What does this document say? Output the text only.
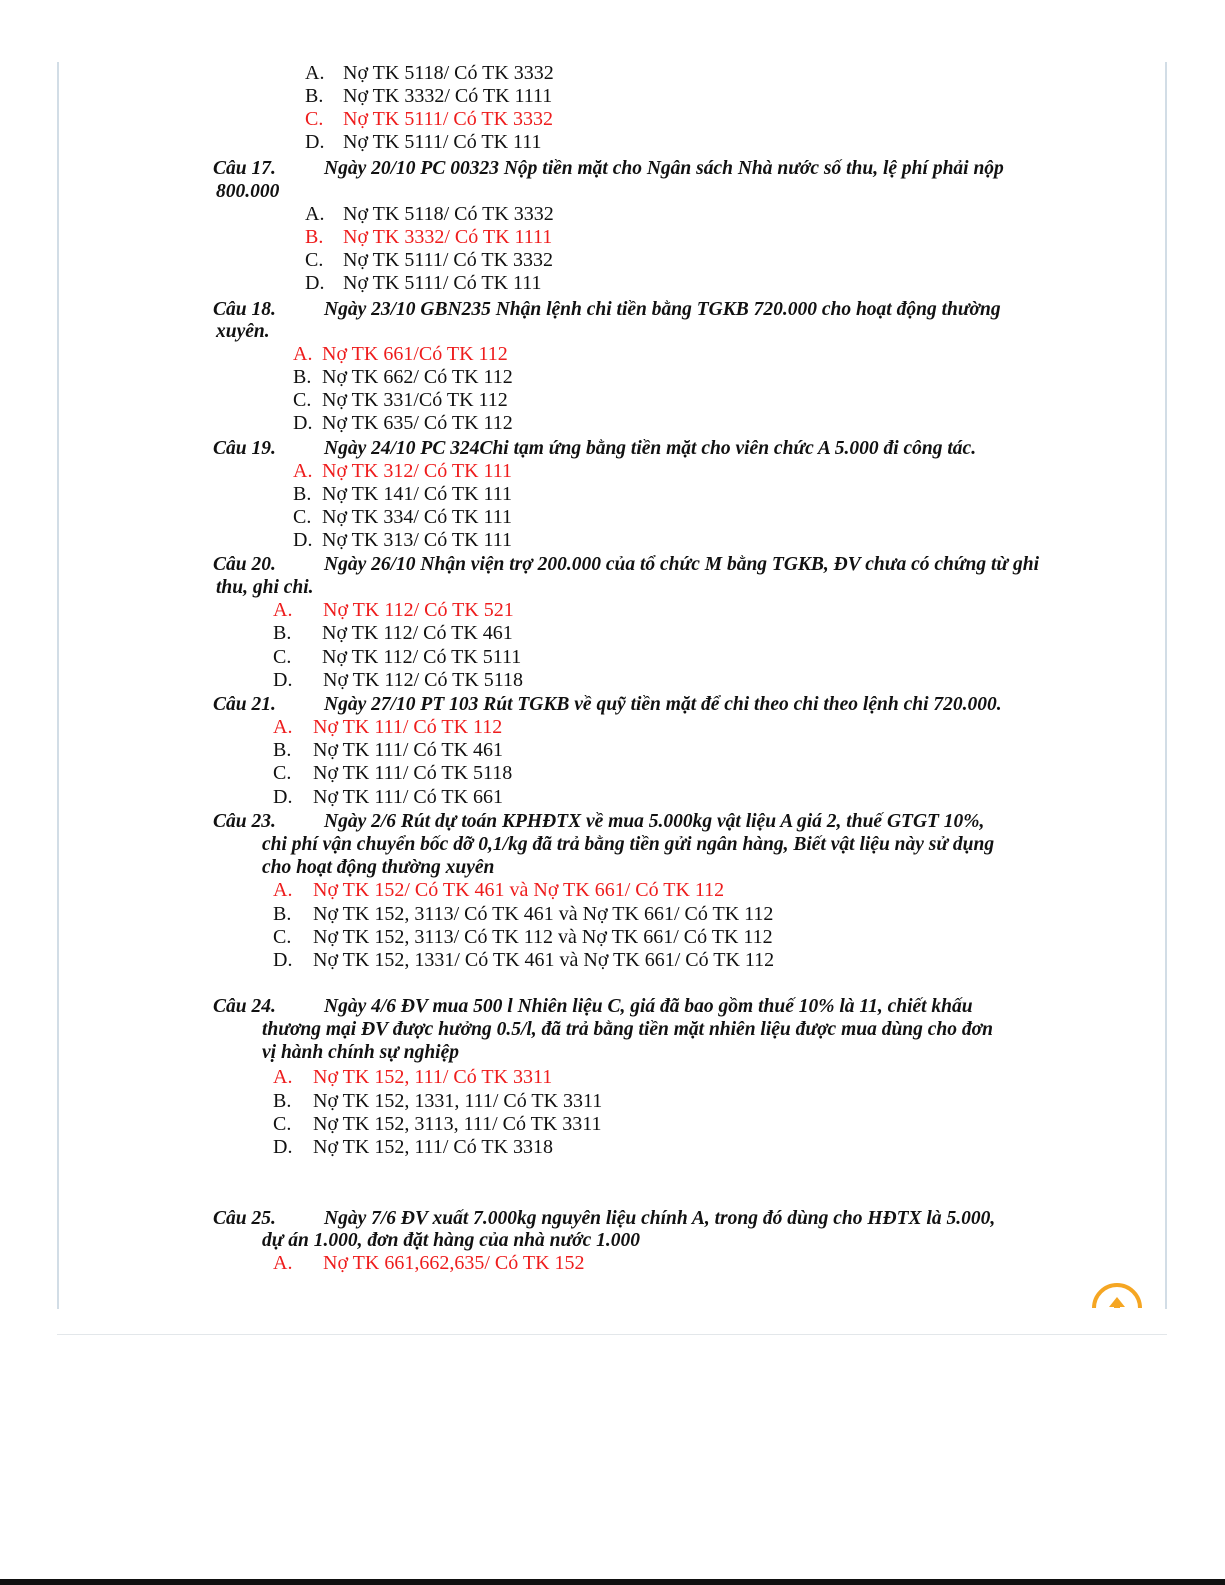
A. Nợ TK 5118/ Có TK 3332
B. Nợ TK 3332/ Có TK 1111
C. Nợ TK 5111/ Có TK 3332
D. Nợ TK 5111/ Có TK 111
Câu 17. Ngày 20/10 PC 00323 Nộp tiền mặt cho Ngân sách Nhà nước số thu, lệ phí phải nộp
800.000
A. Nợ TK 5118/ Có TK 3332
B. Nợ TK 3332/ Có TK 1111
C. Nợ TK 5111/ Có TK 3332
D. Nợ TK 5111/ Có TK 111
Câu 18. Ngày 23/10 GBN235 Nhận lệnh chi tiền bằng TGKB 720.000 cho hoạt động thường
xuyên.
A. Nợ TK 661/Có TK 112
B. Nợ TK 662/ Có TK 112
C. Nợ TK 331/Có TK 112
D. Nợ TK 635/ Có TK 112
Câu 19. Ngày 24/10 PC 324Chi tạm ứng bằng tiền mặt cho viên chức A 5.000 đi công tác.
A. Nợ TK 312/ Có TK 111
B. Nợ TK 141/ Có TK 111
C. Nợ TK 334/ Có TK 111
D. Nợ TK 313/ Có TK 111
Câu 20. Ngày 26/10 Nhận viện trợ 200.000 của tổ chức M bằng TGKB, ĐV chưa có chứng từ ghi
thu, ghi chi.
A.	Nợ TK 112/ Có TK 521
B.	Nợ TK 112/ Có TK 461
C.	Nợ TK 112/ Có TK 5111
D.	Nợ TK 112/ Có TK 5118
Câu 21. Ngày 27/10 PT 103 Rút TGKB về quỹ tiền mặt để chi theo chi theo lệnh chi 720.000.
A.	Nợ TK 111/ Có TK 112
B.	Nợ TK 111/ Có TK 461
C.	Nợ TK 111/ Có TK 5118
D.	Nợ TK 111/ Có TK 661
Câu 23. Ngày 2/6 Rút dự toán KPHĐTX về mua 5.000kg vật liệu A giá 2, thuế GTGT 10%,
chi phí vận chuyển bốc dỡ 0,1/kg đã trả bằng tiền gửi ngân hàng, Biết vật liệu này sử dụng
cho hoạt động thường xuyên
A.	Nợ TK 152/ Có TK 461 và Nợ TK 661/ Có TK 112
B.	Nợ TK 152, 3113/ Có TK 461 và Nợ TK 661/ Có TK 112
C.	Nợ TK 152, 3113/ Có TK 112 và Nợ TK 661/ Có TK 112
D.	Nợ TK 152, 1331/ Có TK 461 và Nợ TK 661/ Có TK 112
Câu 24. Ngày 4/6 ĐV mua 500 l Nhiên liệu C, giá đã bao gồm thuế 10% là 11, chiết khấu
thương mại ĐV được hưởng 0.5/l, đã trả bằng tiền mặt nhiên liệu được mua dùng cho đơn
vị hành chính sự nghiệp
A.	Nợ TK 152, 111/ Có TK 3311
B.	Nợ TK 152, 1331, 111/ Có TK 3311
C.	Nợ TK 152, 3113, 111/ Có TK 3311
D.	Nợ TK 152, 111/ Có TK 3318
Câu 25. Ngày 7/6 ĐV xuất 7.000kg nguyên liệu chính A, trong đó dùng cho HĐTX là 5.000,
dự án 1.000, đơn đặt hàng của nhà nước 1.000
A.	Nợ TK 661,662,635/ Có TK 152
